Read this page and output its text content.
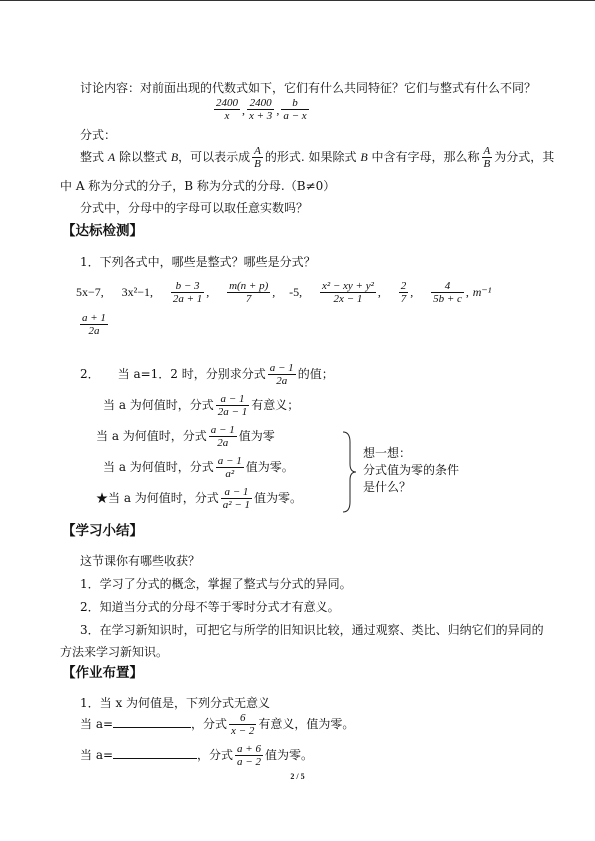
讨论内容：对前面出现的代数式如下，它们有什么共同特征？它们与整式有什么不同？
$\frac{2400}{x}$ , $\frac{2400}{x + 3}$ , $\frac{b}{a - x}$
分式：
整式 A 除以整式 B，可以表示成 $\frac{A}{B}$ 的形式. 如果除式 B 中含有字母，那么称 $\frac{A}{B}$ 为分式，其
中 A 称为分式的分子，B 称为分式的分母.（B≠0）
分式中，分母中的字母可以取任意实数吗？
【达标检测】
1．下列各式中，哪些是整式？哪些是分式？
5x−7, 3x²−1, $\frac{b - 3}{2a + 1}$ , $\frac{m(n + p)}{7}$ , -5, $\frac{\text{x² − xy + y²}}{2x - 1}$ , $\frac{2}{7}$ , $\frac{4}{5b + c}$ , m⁻¹
$\frac{a + 1}{2a}$
2． 当 a=1．2 时，分别求分式 $\frac{a - 1}{2a}$ 的值；
当 a 为何值时，分式 $\frac{a - 1}{2a - 1}$ 有意义；
当 a 为何值时，分式 $\frac{a - 1}{2a}$ 值为零
当 a 为何值时，分式 $\frac{a - 1}{\text{a²}}$ 值为零。
★当 a 为何值时，分式 $\frac{a - 1}{\text{a² − 1}}$ 值为零。
想一想：
分式值为零的条件
是什么？
【学习小结】
这节课你有哪些收获？
1．学习了分式的概念，掌握了整式与分式的异同。
2．知道当分式的分母不等于零时分式才有意义。
3．在学习新知识时，可把它与所学的旧知识比较，通过观察、类比、归纳它们的异同的
方法来学习新知识。
【作业布置】
1．当 x 为何值是，下列分式无意义
当 a=	，分式 $\frac{6}{x - 2}$ 有意义，值为零。
当 a=	，分式 $\frac{a + 6}{a - 2}$ 值为零。
2 / 5
